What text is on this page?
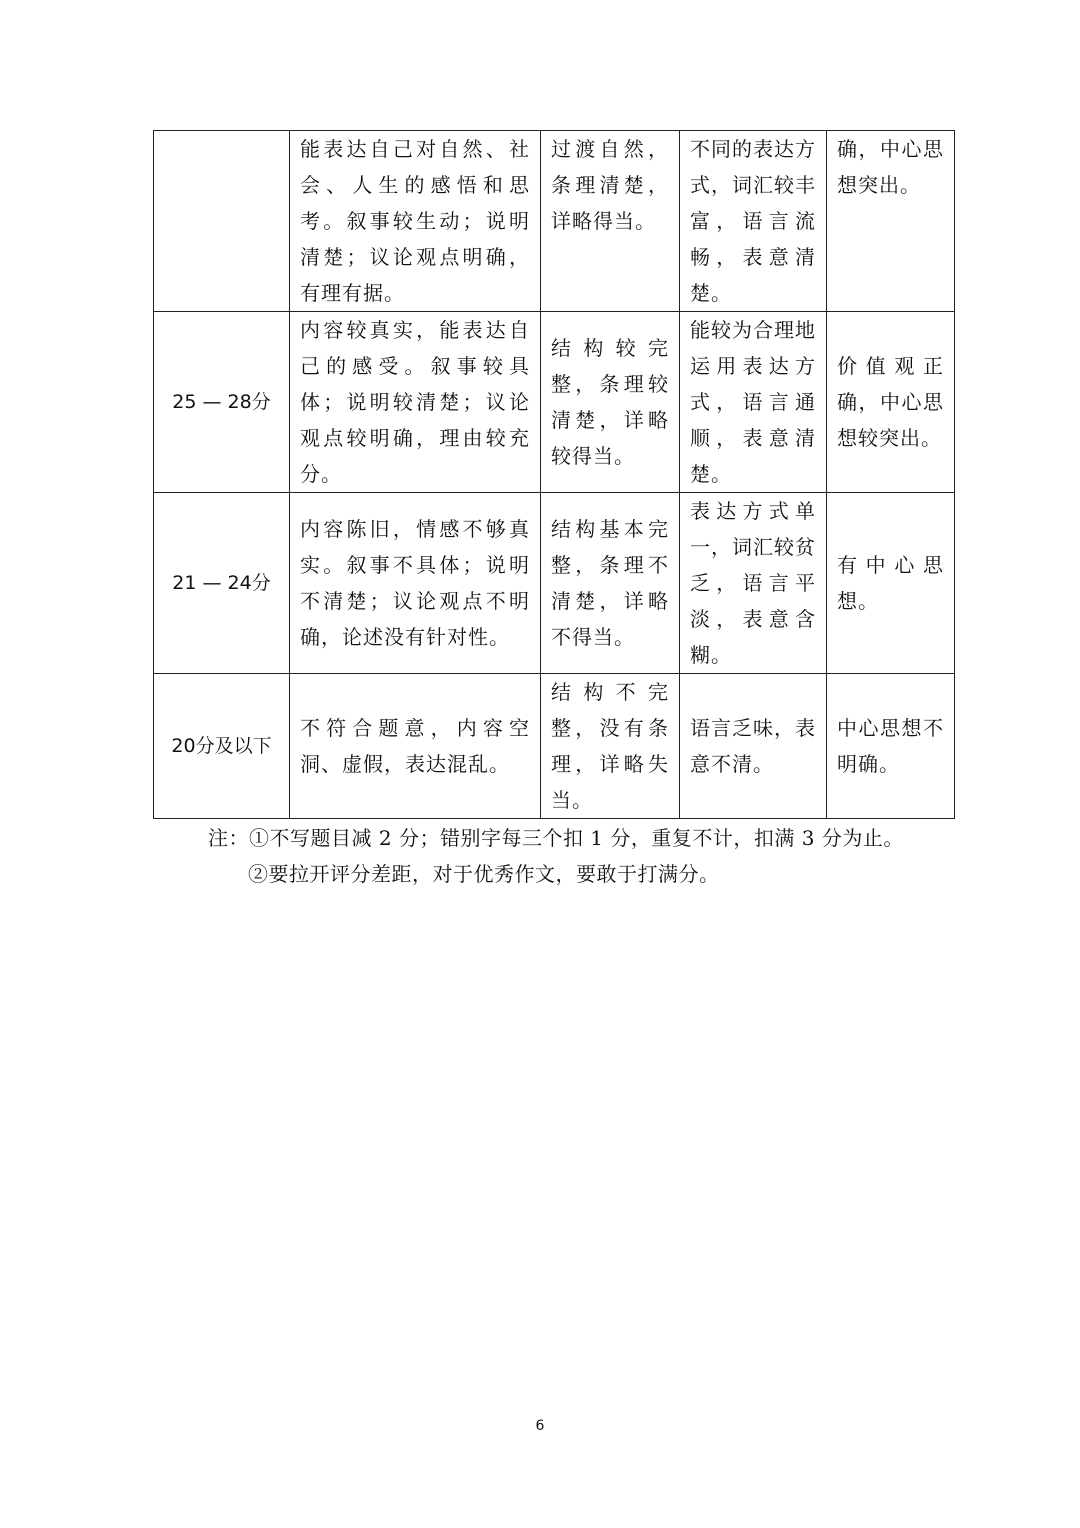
	能表达自己对自然、社会、人生的感悟和思考。叙事较生动；说明清楚；议论观点明确，有理有据。	过渡自然，条理清楚，详略得当。	不同的表达方式，词汇较丰富，语言流畅，表意清楚。	确，中心思想突出。
25 — 28分	内容较真实，能表达自己的感受。叙事较具体；说明较清楚；议论观点较明确，理由较充分。	结构较完整，条理较清楚，详略较得当。	能较为合理地运用表达方式，语言通顺，表意清楚。	价值观正确，中心思想较突出。
21 — 24分	内容陈旧，情感不够真实。叙事不具体；说明不清楚；议论观点不明确，论述没有针对性。	结构基本完整，条理不清楚，详略不得当。	表达方式单一，词汇较贫乏，语言平淡，表意含糊。	有中心思想。
20分及以下	不符合题意，内容空洞、虚假，表达混乱。	结构不完整，没有条理，详略失当。	语言乏味，表意不清。	中心思想不明确。
注：①不写题目减 2 分；错别字每三个扣 1 分，重复不计，扣满 3 分为止。
②要拉开评分差距，对于优秀作文，要敢于打满分。
6
